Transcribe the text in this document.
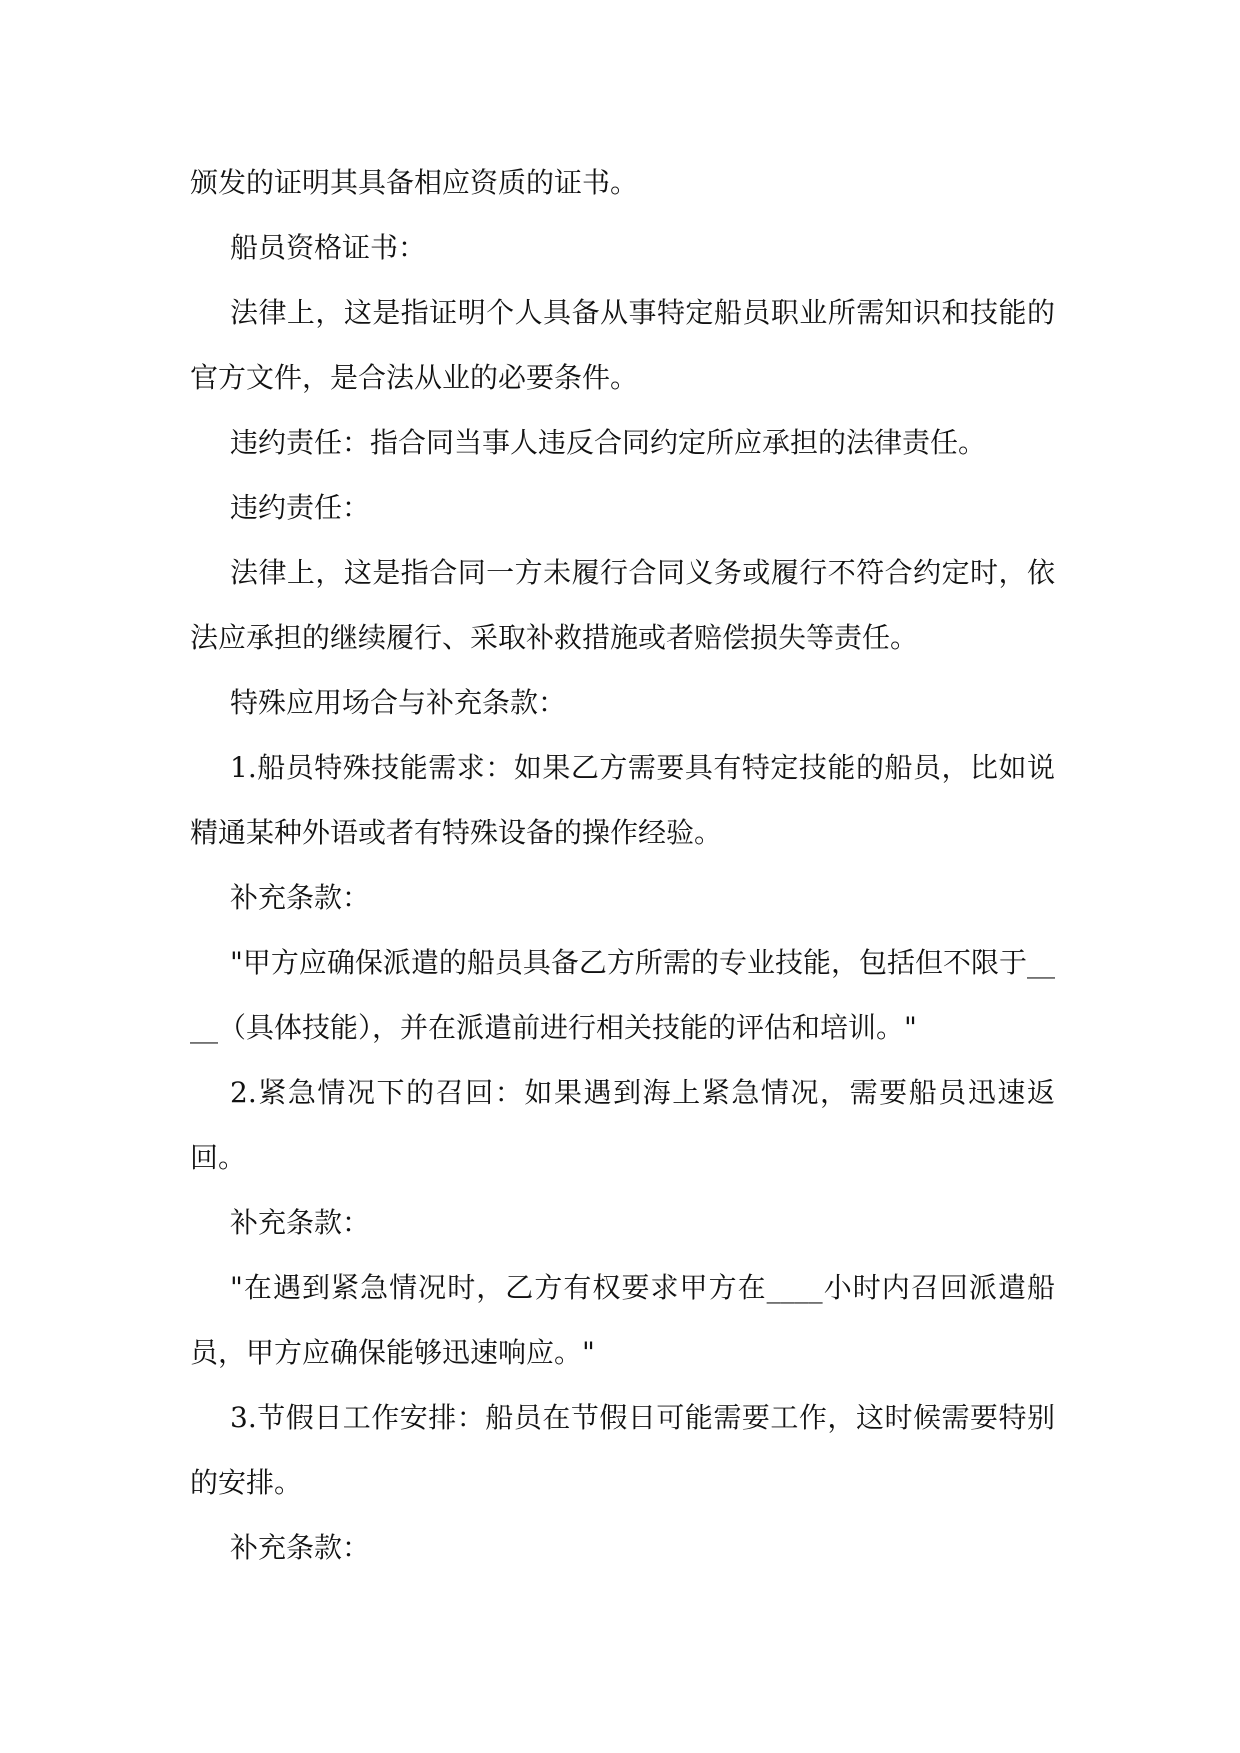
颁发的证明其具备相应资质的证书。

船员资格证书：

法律上，这是指证明个人具备从事特定船员职业所需知识和技能的官方文件，是合法从业的必要条件。

违约责任：指合同当事人违反合同约定所应承担的法律责任。

违约责任：

法律上，这是指合同一方未履行合同义务或履行不符合约定时，依法应承担的继续履行、采取补救措施或者赔偿损失等责任。

特殊应用场合与补充条款：

1.船员特殊技能需求：如果乙方需要具有特定技能的船员，比如说精通某种外语或者有特殊设备的操作经验。

补充条款：

"甲方应确保派遣的船员具备乙方所需的专业技能，包括但不限于____（具体技能），并在派遣前进行相关技能的评估和培训。"

2.紧急情况下的召回：如果遇到海上紧急情况，需要船员迅速返回。

补充条款：

"在遇到紧急情况时，乙方有权要求甲方在____小时内召回派遣船员，甲方应确保能够迅速响应。"

3.节假日工作安排：船员在节假日可能需要工作，这时候需要特别的安排。

补充条款：
